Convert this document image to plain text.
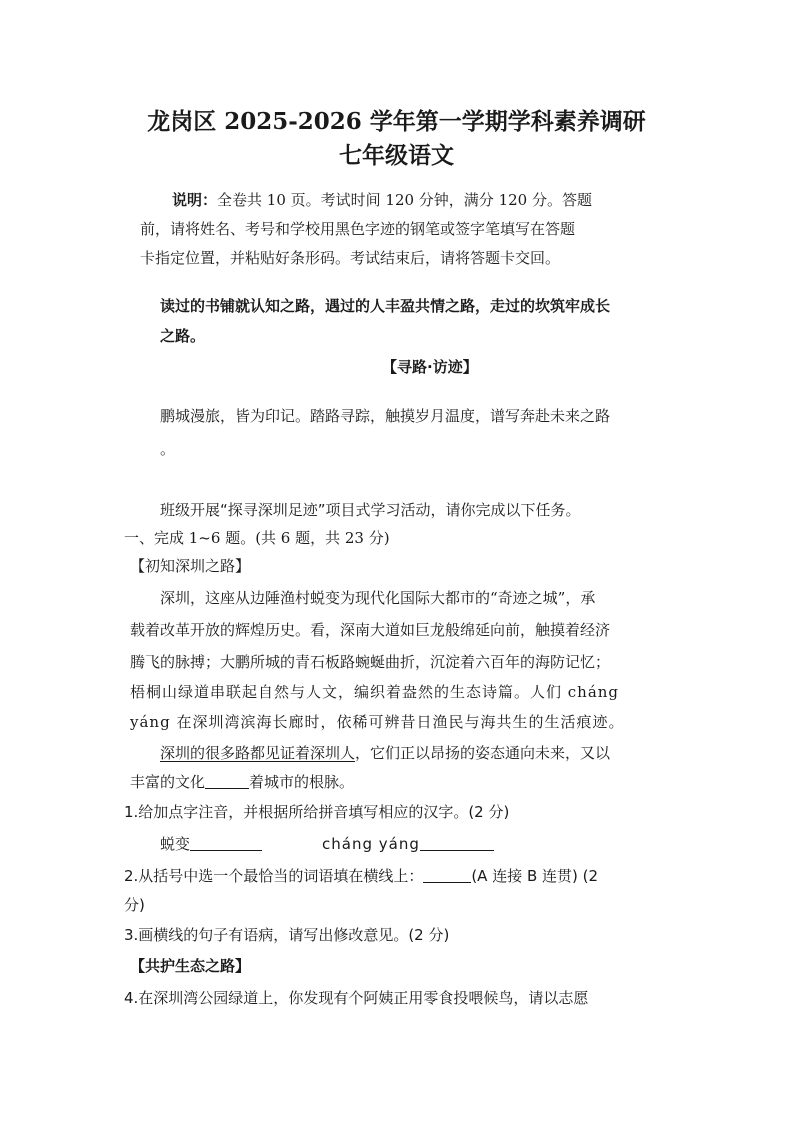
龙岗区 2025-2026 学年第一学期学科素养调研
七年级语文
说明：全卷共 10 页。考试时间 120 分钟，满分 120 分。答题
前，请将姓名、考号和学校用黑色字迹的钢笔或签字笔填写在答题
卡指定位置，并粘贴好条形码。考试结束后，请将答题卡交回。
读过的书铺就认知之路，遇过的人丰盈共情之路，走过的坎筑牢成长
之路。
【寻路·访迹】
鹏城漫旅，皆为印记。踏路寻踪，触摸岁月温度，谱写奔赴未来之路
。
班级开展“探寻深圳足迹”项目式学习活动，请你完成以下任务。
一、完成 1~6 题。(共 6 题，共 23 分)
【初知深圳之路】
深圳，这座从边陲渔村蜕变为现代化国际大都市的“奇迹之城”，承
载着改革开放的辉煌历史。看，深南大道如巨龙般绵延向前，触摸着经济
腾飞的脉搏；大鹏所城的青石板路蜿蜒曲折，沉淀着六百年的海防记忆；
梧桐山绿道串联起自然与人文，编织着盎然的生态诗篇。人们 cháng
yáng 在深圳湾滨海长廊时，依稀可辨昔日渔民与海共生的生活痕迹。
深圳的很多路都见证着深圳人，它们正以昂扬的姿态通向未来，又以
丰富的文化	着城市的根脉。
1.给加点字注音，并根据所给拼音填写相应的汉字。(2 分)
蜕变	cháng yáng
2.从括号中选一个最恰当的词语填在横线上：	(A 连接 B 连贯) (2
分)
3.画横线的句子有语病，请写出修改意见。(2 分)
【共护生态之路】
4.在深圳湾公园绿道上，你发现有个阿姨正用零食投喂候鸟，请以志愿
